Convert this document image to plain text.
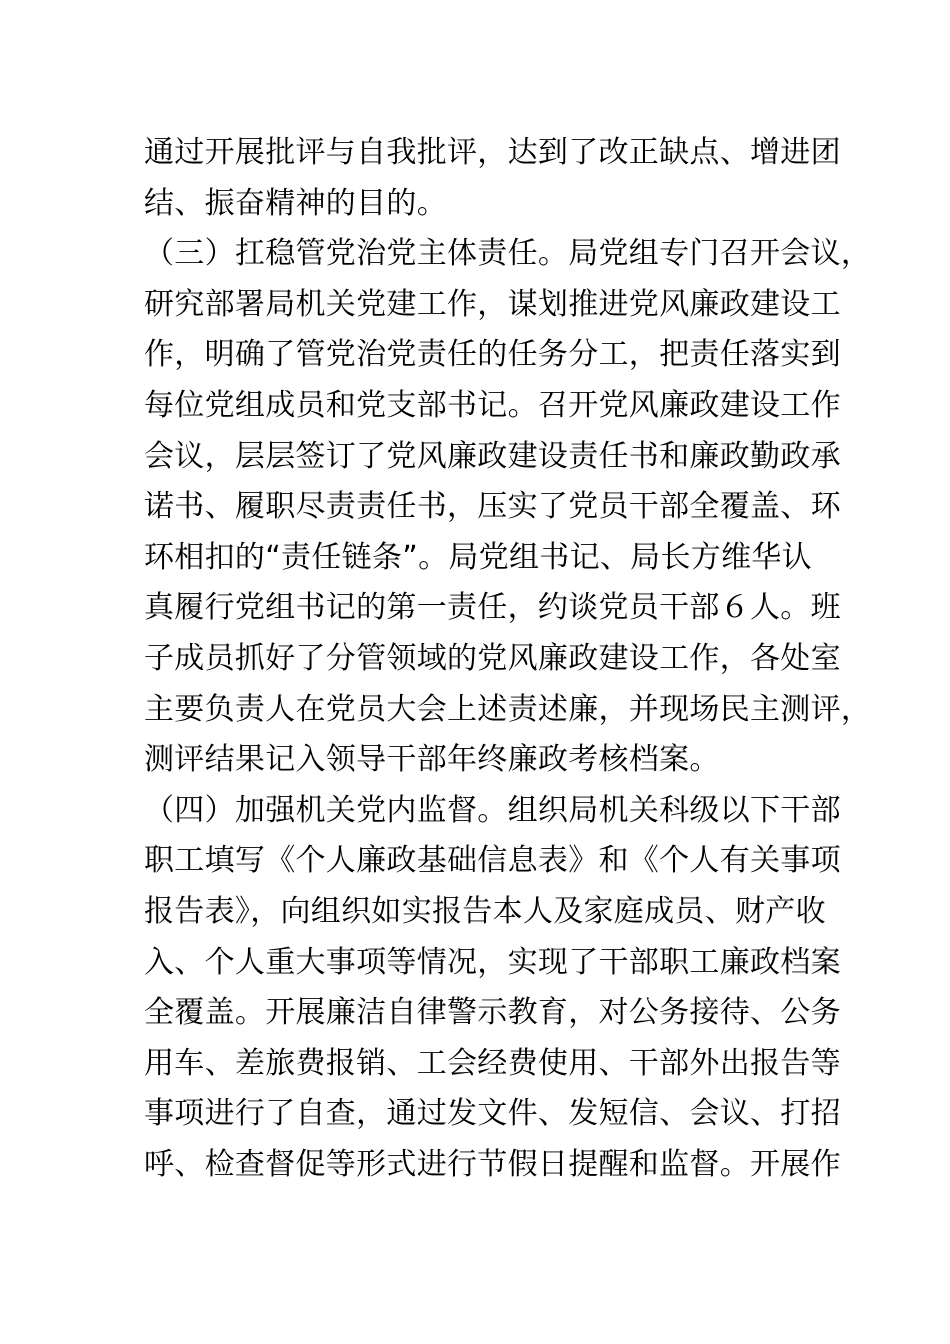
通过开展批评与自我批评，达到了改正缺点、增进团
结、振奋精神的目的。
（三）扛稳管党治党主体责任。局党组专门召开会议，
研究部署局机关党建工作，谋划推进党风廉政建设工
作，明确了管党治党责任的任务分工，把责任落实到
每位党组成员和党支部书记。召开党风廉政建设工作
会议，层层签订了党风廉政建设责任书和廉政勤政承
诺书、履职尽责责任书，压实了党员干部全覆盖、环
环相扣的“责任链条”。局党组书记、局长方维华认
真履行党组书记的第一责任，约谈党员干部６人。班
子成员抓好了分管领域的党风廉政建设工作，各处室
主要负责人在党员大会上述责述廉，并现场民主测评，
测评结果记入领导干部年终廉政考核档案。
（四）加强机关党内监督。组织局机关科级以下干部
职工填写《个人廉政基础信息表》和《个人有关事项
报告表》，向组织如实报告本人及家庭成员、财产收
入、个人重大事项等情况，实现了干部职工廉政档案
全覆盖。开展廉洁自律警示教育，对公务接待、公务
用车、差旅费报销、工会经费使用、干部外出报告等
事项进行了自查，通过发文件、发短信、会议、打招
呼、检查督促等形式进行节假日提醒和监督。开展作
